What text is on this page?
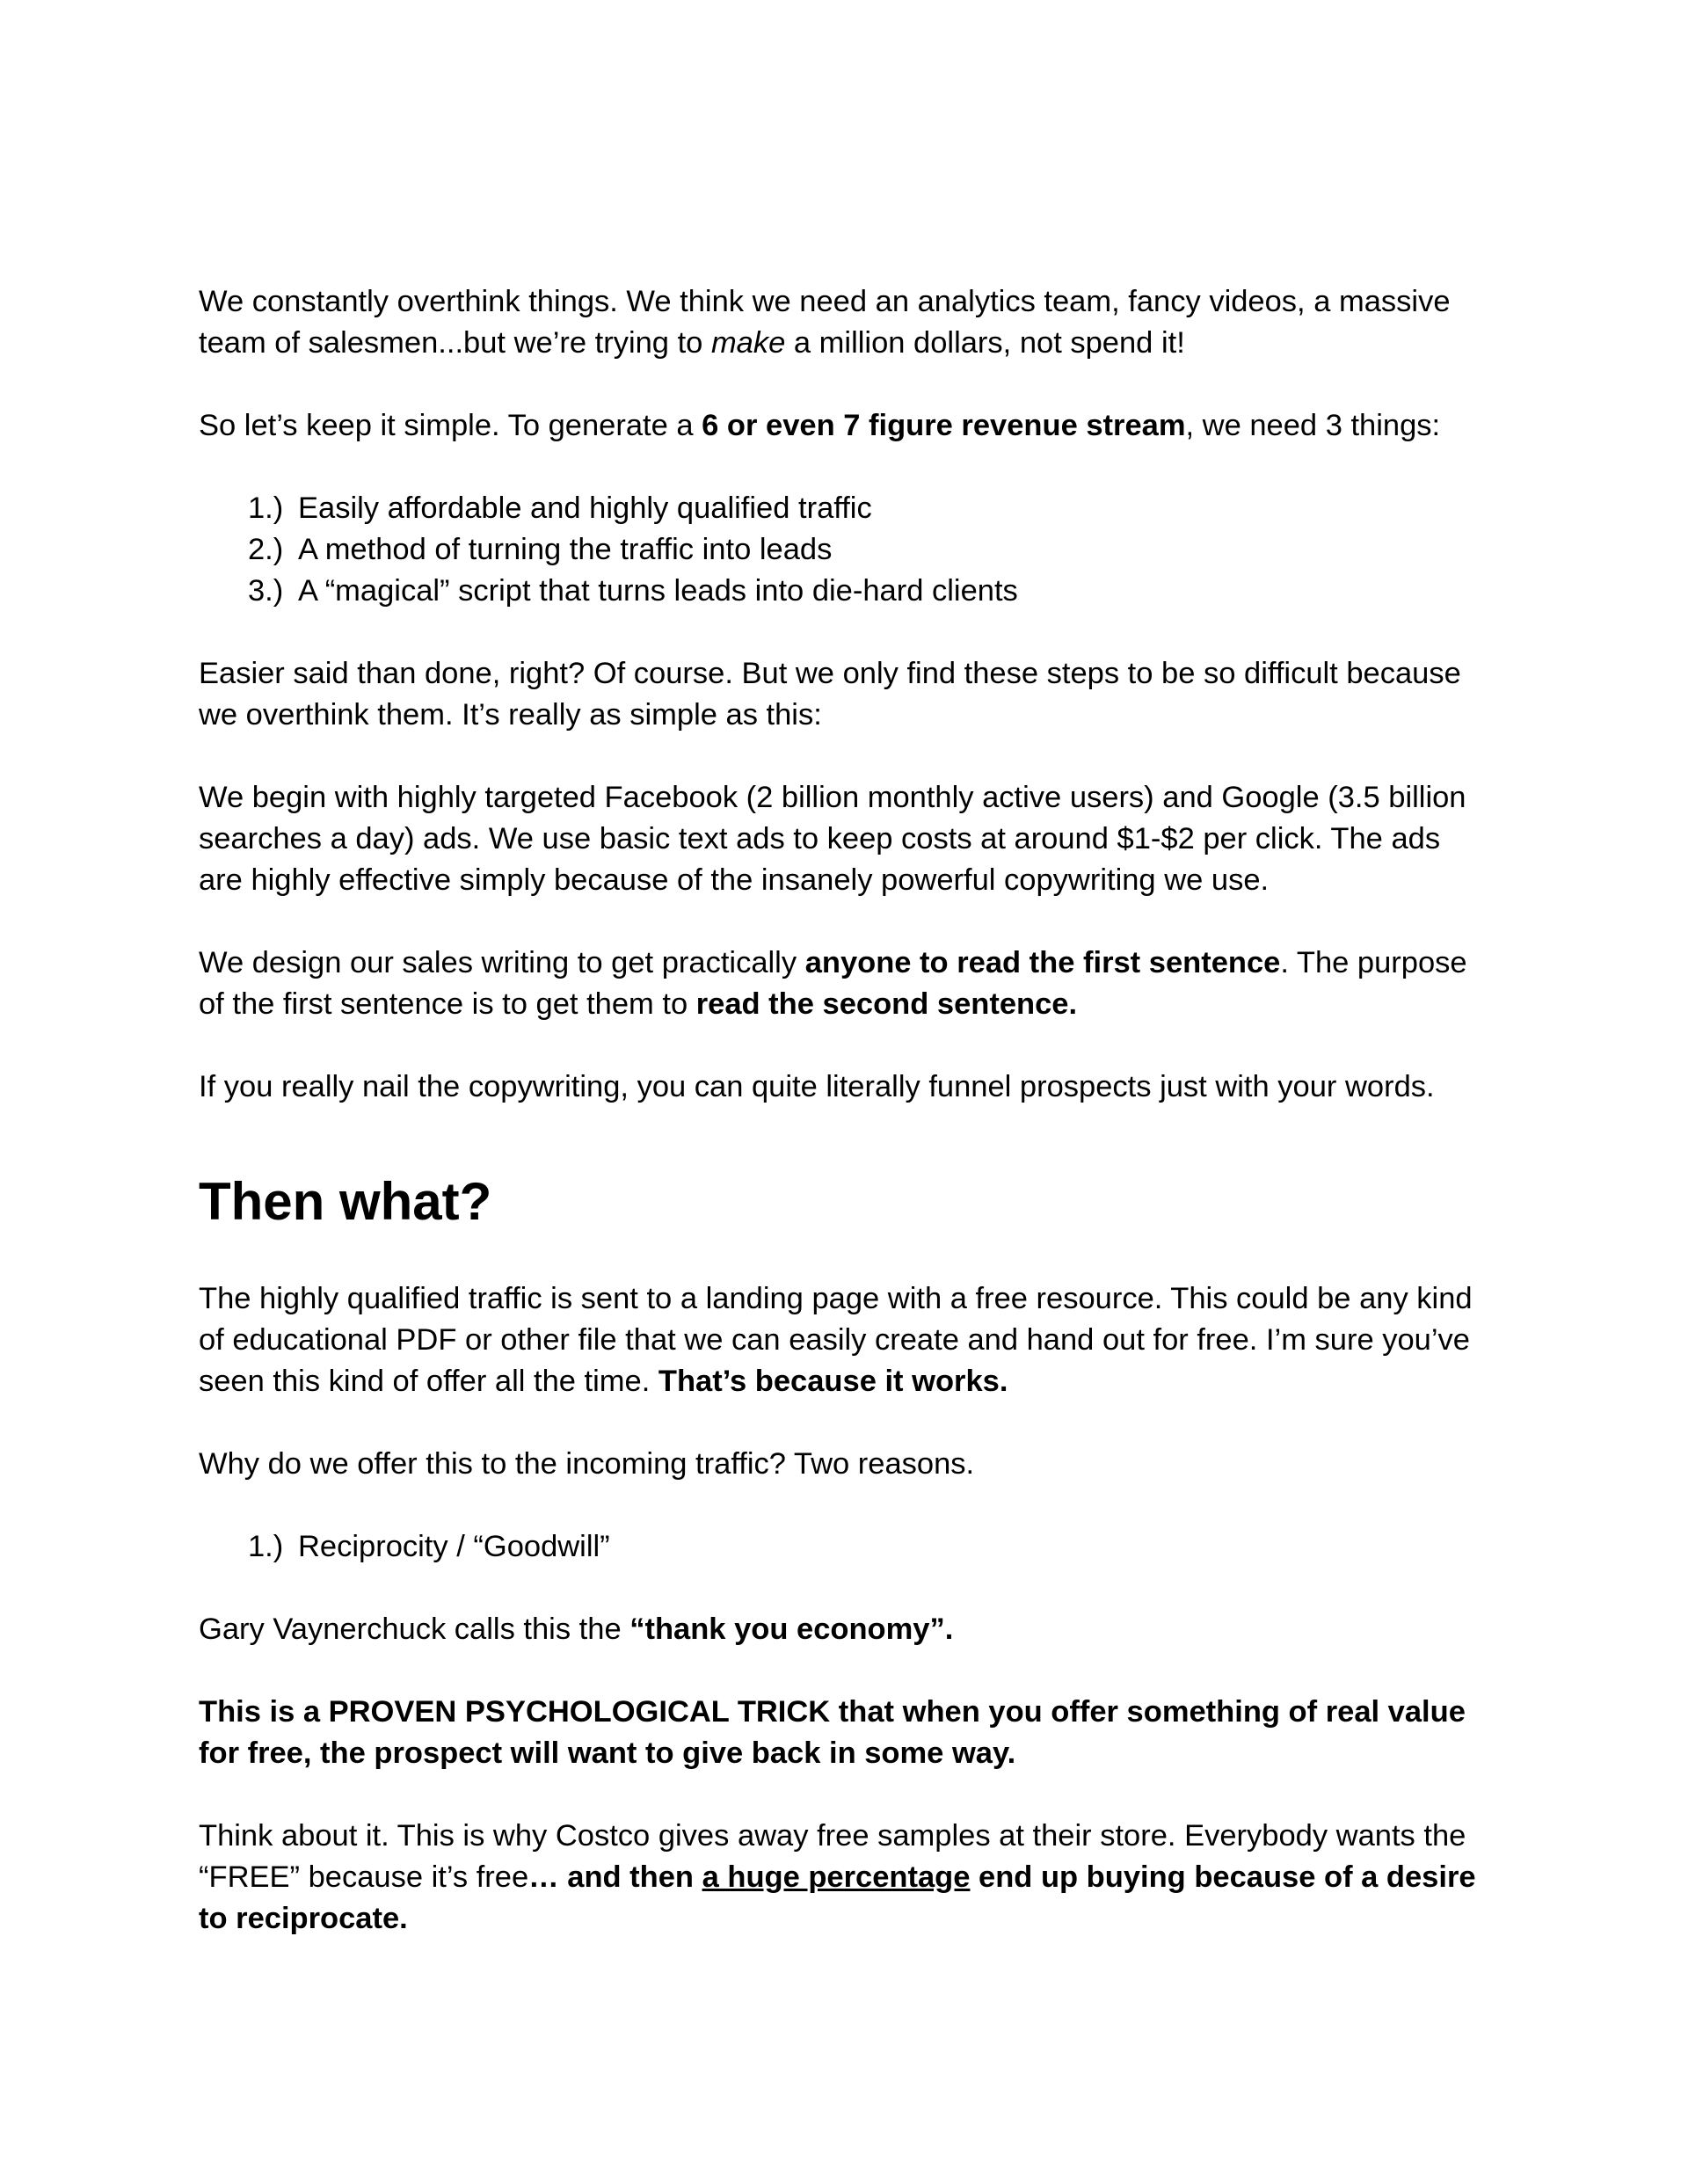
We constantly overthink things. We think we need an analytics team, fancy videos, a massive team of salesmen...but we’re trying to make a million dollars, not spend it!

So let’s keep it simple. To generate a 6 or even 7 figure revenue stream, we need 3 things:

1.) Easily affordable and highly qualified traffic
2.) A method of turning the traffic into leads
3.) A “magical” script that turns leads into die-hard clients

Easier said than done, right? Of course. But we only find these steps to be so difficult because we overthink them. It’s really as simple as this:

We begin with highly targeted Facebook (2 billion monthly active users) and Google (3.5 billion searches a day) ads. We use basic text ads to keep costs at around $1-$2 per click. The ads are highly effective simply because of the insanely powerful copywriting we use.

We design our sales writing to get practically anyone to read the first sentence. The purpose of the first sentence is to get them to read the second sentence.

If you really nail the copywriting, you can quite literally funnel prospects just with your words.

Then what?

The highly qualified traffic is sent to a landing page with a free resource. This could be any kind of educational PDF or other file that we can easily create and hand out for free. I’m sure you’ve seen this kind of offer all the time. That’s because it works.

Why do we offer this to the incoming traffic? Two reasons.

1.) Reciprocity / “Goodwill”

Gary Vaynerchuck calls this the “thank you economy”.

This is a PROVEN PSYCHOLOGICAL TRICK that when you offer something of real value for free, the prospect will want to give back in some way.

Think about it. This is why Costco gives away free samples at their store. Everybody wants the “FREE” because it’s free… and then a huge percentage end up buying because of a desire to reciprocate.
